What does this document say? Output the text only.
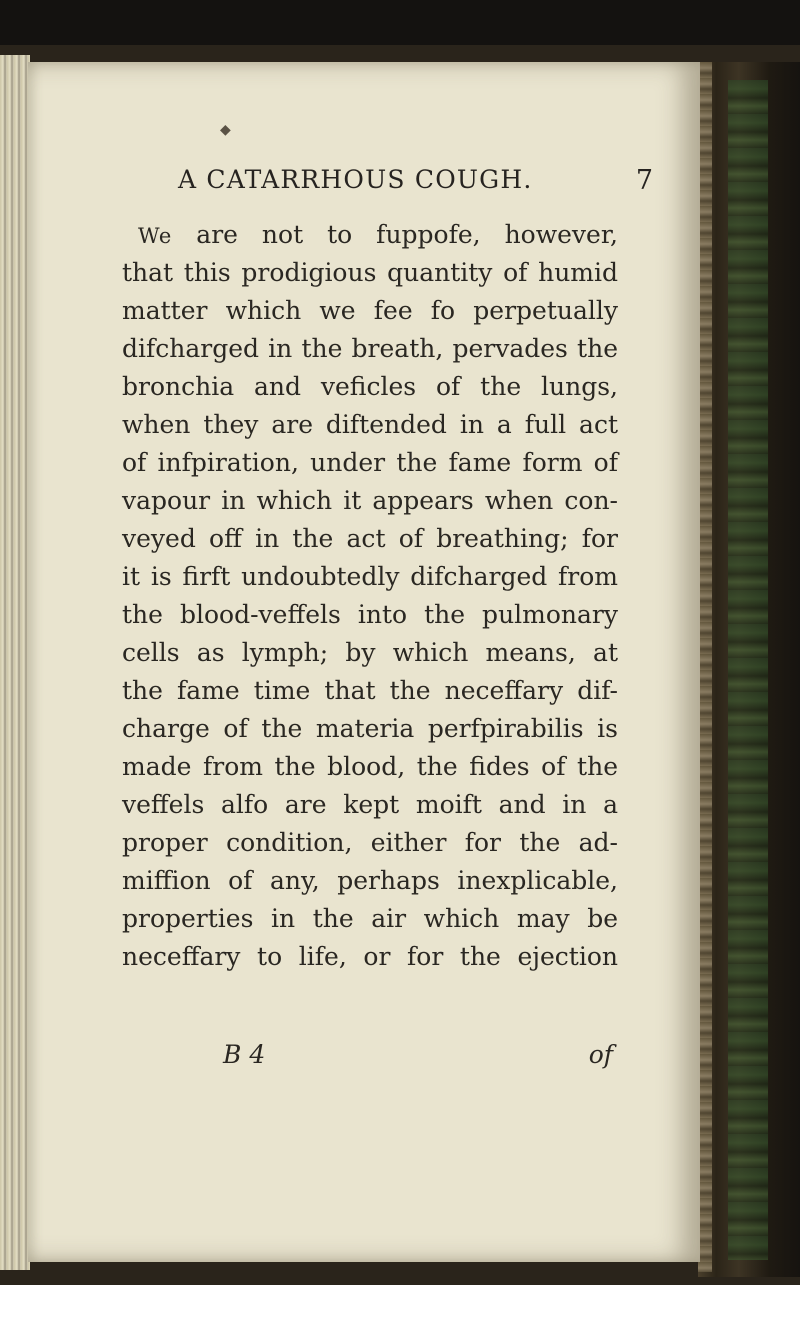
◆
A CATARRHOUS COUGH.	7
We are not to fuppofe, however,
that this prodigious quantity of humid
matter which we fee fo perpetually
difcharged in the breath, pervades the
bronchia and veficles of the lungs,
when they are diftended in a full act
of infpiration, under the fame form of
vapour in which it appears when con-
veyed off in the act of breathing; for
it is firft undoubtedly difcharged from
the blood-veffels into the pulmonary
cells as lymph; by which means, at
the fame time that the neceffary dif-
charge of the materia perfpirabilis is
made from the blood, the fides of the
veffels alfo are kept moift and in a
proper condition, either for the ad-
miffion of any, perhaps inexplicable,
properties in the air which may be
neceffary to life, or for the ejection
B 4	of
